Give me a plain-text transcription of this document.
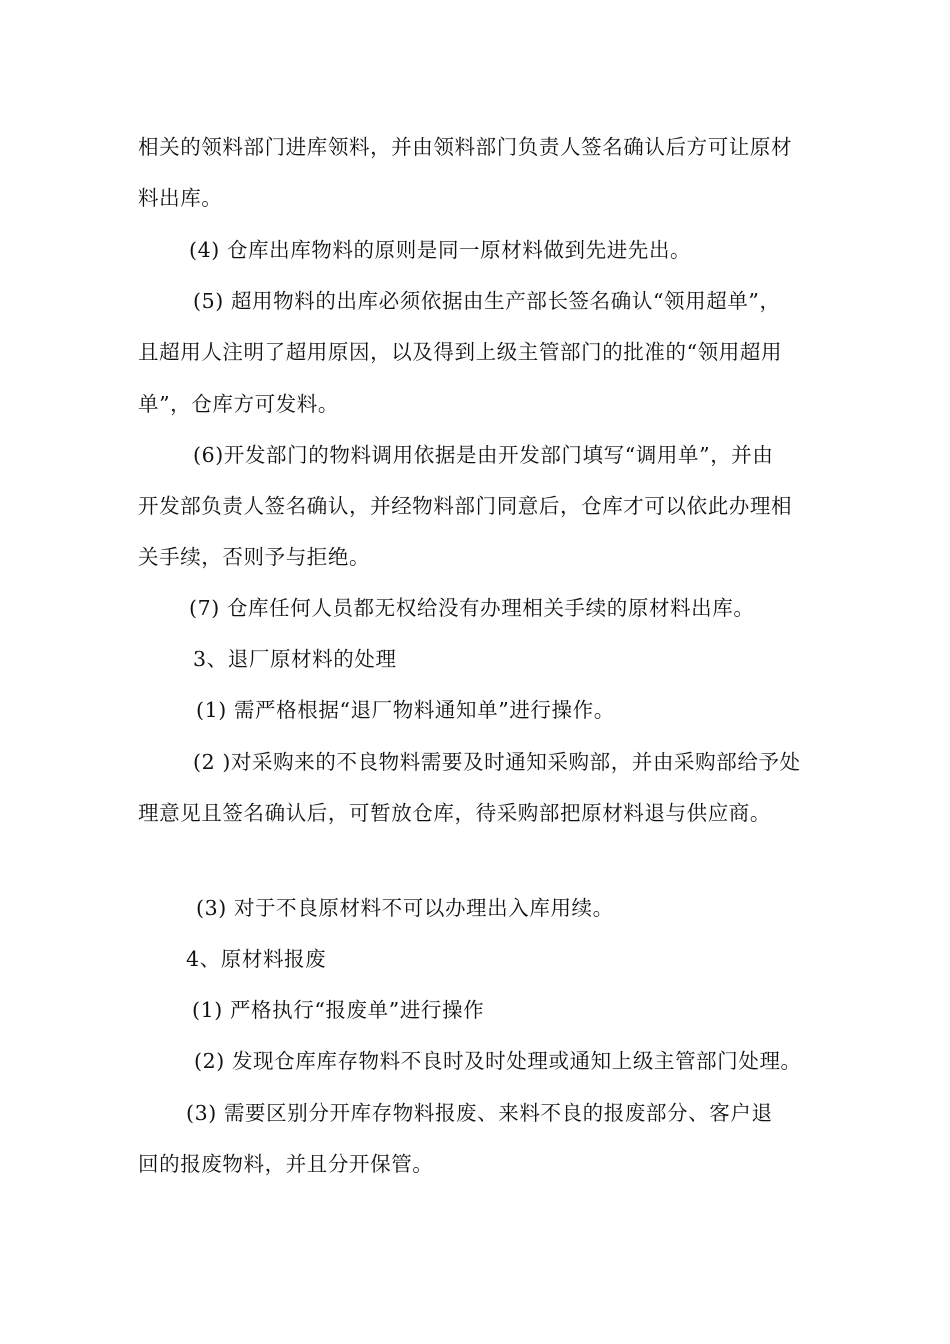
相关的领料部门进库领料，并由领料部门负责人签名确认后方可让原材
料出库。
(4) 仓库出库物料的原则是同一原材料做到先进先出。
(5) 超用物料的出库必须依据由生产部长签名确认“领用超单”，
且超用人注明了超用原因，以及得到上级主管部门的批准的“领用超用
单”，仓库方可发料。
(6)开发部门的物料调用依据是由开发部门填写“调用单”，并由
开发部负责人签名确认，并经物料部门同意后，仓库才可以依此办理相
关手续，否则予与拒绝。
(7) 仓库任何人员都无权给没有办理相关手续的原材料出库。
3、退厂原材料的处理
(1) 需严格根据“退厂物料通知单”进行操作。
(2 )对采购来的不良物料需要及时通知采购部，并由采购部给予处
理意见且签名确认后，可暂放仓库，待采购部把原材料退与供应商。
(3) 对于不良原材料不可以办理出入库用续。
4、原材料报废
(1) 严格执行“报废单”进行操作
(2) 发现仓库库存物料不良时及时处理或通知上级主管部门处理。
(3) 需要区别分开库存物料报废、来料不良的报废部分、客户退
回的报废物料，并且分开保管。
